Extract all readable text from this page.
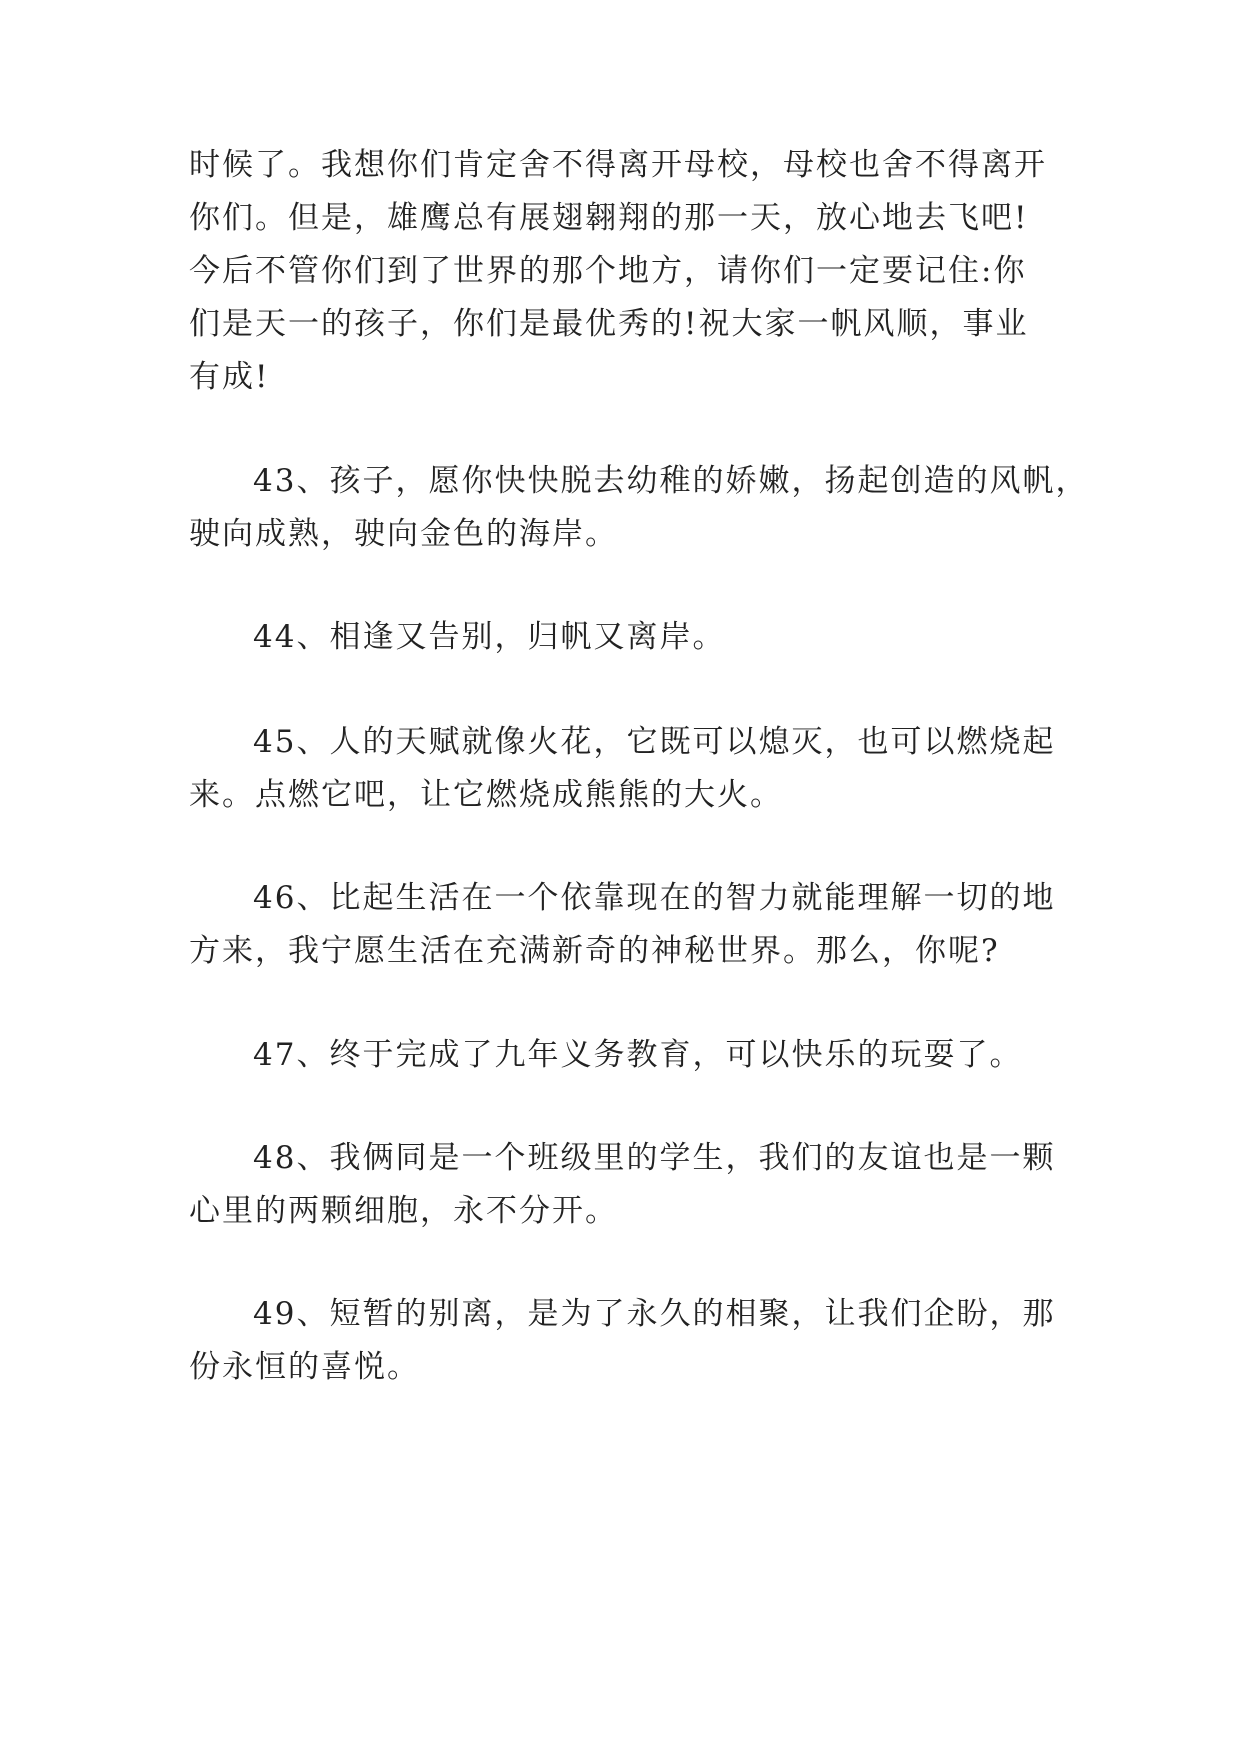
时候了。我想你们肯定舍不得离开母校，母校也舍不得离开
你们。但是，雄鹰总有展翅翱翔的那一天，放心地去飞吧!
今后不管你们到了世界的那个地方，请你们一定要记住:你
们是天一的孩子，你们是最优秀的!祝大家一帆风顺，事业
有成!
43、孩子，愿你快快脱去幼稚的娇嫩，扬起创造的风帆，
驶向成熟，驶向金色的海岸。
44、相逢又告别，归帆又离岸。
45、人的天赋就像火花，它既可以熄灭，也可以燃烧起
来。点燃它吧，让它燃烧成熊熊的大火。
46、比起生活在一个依靠现在的智力就能理解一切的地
方来，我宁愿生活在充满新奇的神秘世界。那么，你呢?
47、终于完成了九年义务教育，可以快乐的玩耍了。
48、我俩同是一个班级里的学生，我们的友谊也是一颗
心里的两颗细胞，永不分开。
49、短暂的别离，是为了永久的相聚，让我们企盼，那
份永恒的喜悦。
